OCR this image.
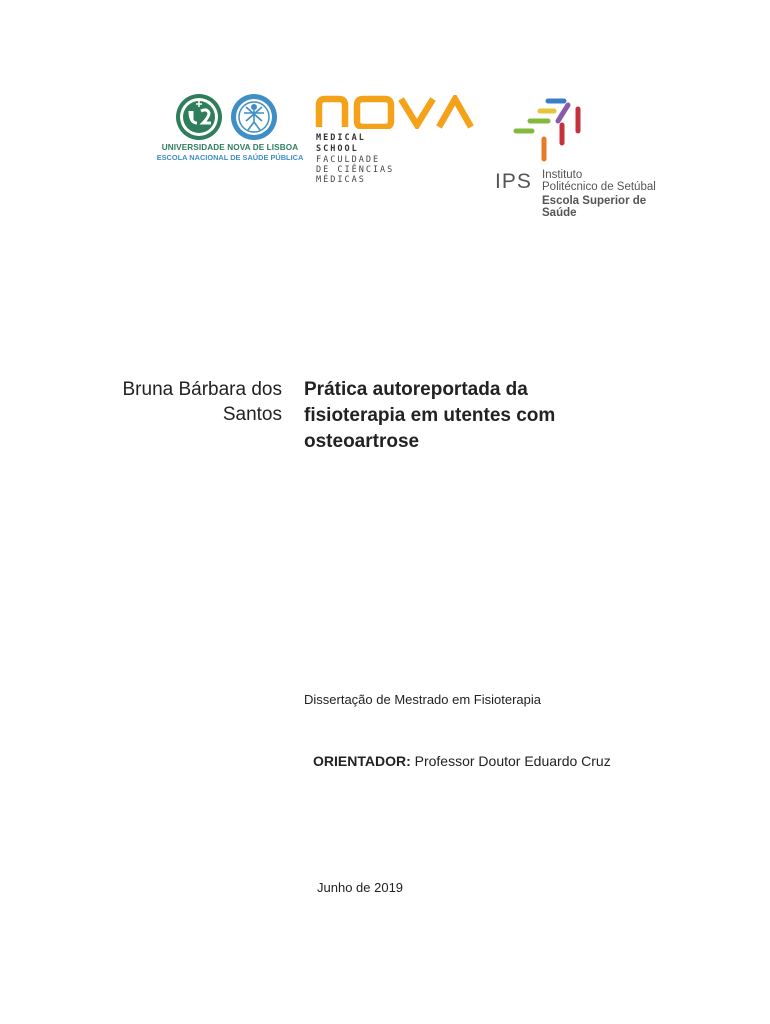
UNIVERSIDADE NOVA DE LISBOA
ESCOLA NACIONAL DE SAÚDE PÚBLICA
MEDICAL
SCHOOL
FACULDADE
DE CIÊNCIAS
MÉDICAS	IPS Instituto
Politécnico de Setúbal
Escola Superior de
Saúde
Bruna Bárbara dos
Santos
Prática autoreportada da
fisioterapia em utentes com
osteoartrose
Dissertação de Mestrado em Fisioterapia
ORIENTADOR: Professor Doutor Eduardo Cruz
Junho de 2019
